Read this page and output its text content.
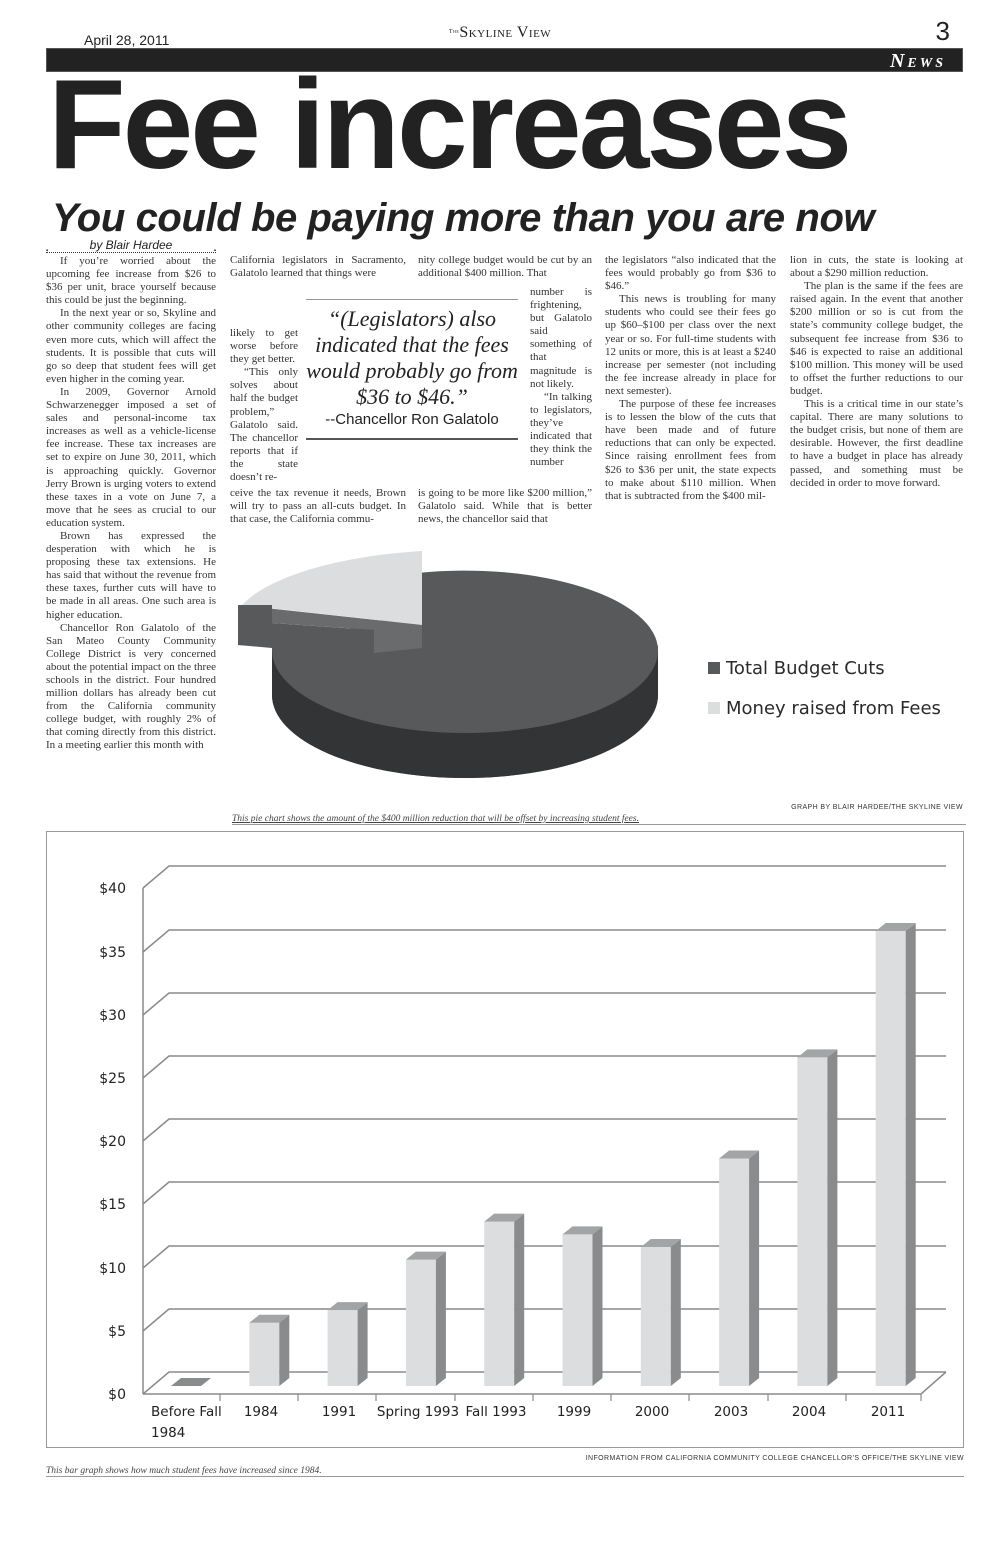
April 28, 2011	$^{The}$Skyline View	3
News
Fee increases
You could be paying more than you are now
▪ by Blair Hardee ▪

If you’re worried about the upcoming fee increase from $26 to $36 per unit, brace yourself because this could be just the beginning.

In the next year or so, Skyline and other community colleges are facing even more cuts, which will affect the students. It is possible that cuts will go so deep that student fees will get even higher in the coming year.

In 2009, Governor Arnold Schwarzenegger imposed a set of sales and personal-income tax increases as well as a vehicle-license fee increase. These tax increases are set to expire on June 30, 2011, which is approaching quickly. Governor Jerry Brown is urging voters to extend these taxes in a vote on June 7, a move that he sees as crucial to our education system.

Brown has expressed the desperation with which he is proposing these tax extensions. He has said that without the revenue from these taxes, further cuts will have to be made in all areas. One such area is higher education.

Chancellor Ron Galatolo of the San Mateo County Community College District is very concerned about the potential impact on the three schools in the district. Four hundred million dollars has already been cut from the California community college budget, with roughly 2% of that coming directly from this district. In a meeting earlier this month with

California legislators in Sacramento, Galatolo learned that things were

likely to get worse before they get better.

“This only solves about half the budget problem,” Galatolo said. The chancellor reports that if the state doesn’t re-

ceive the tax revenue it needs, Brown will try to pass an all-cuts budget. In that case, the California commu-

“(Legislators) also indicated that the fees would probably go from $36 to $46.”
--Chancellor Ron Galatolo

nity college budget would be cut by an additional $400 million. That

number is frightening, but Galatolo said something of that magnitude is not likely.

“In talking to legislators, they’ve indicated that they think the number

is going to be more like $200 million,” Galatolo said. While that is better news, the chancellor said that

the legislators “also indicated that the fees would probably go from $36 to $46.”

This news is troubling for many students who could see their fees go up $60–$100 per class over the next year or so. For full-time students with 12 units or more, this is at least a $240 increase per semester (not including the fee increase already in place for next semester).

The purpose of these fee increases is to lessen the blow of the cuts that have been made and of future reductions that can only be expected. Since raising enrollment fees from $26 to $36 per unit, the state expects to make about $110 million. When that is subtracted from the $400 mil-

lion in cuts, the state is looking at about a $290 million reduction.

The plan is the same if the fees are raised again. In the event that another $200 million or so is cut from the state’s community college budget, the subsequent fee increase from $36 to $46 is expected to raise an additional $100 million. This money will be used to offset the further reductions to our budget.

This is a critical time in our state’s capital. There are many solutions to the budget crisis, but none of them are desirable. However, the first deadline to have a budget in place has already passed, and something must be decided in order to move forward.

Total Budget Cuts
Money raised from Fees
GRAPH BY BLAIR HARDEE/THE SKYLINE VIEW
This pie chart shows the amount of the $400 million reduction that will be offset by increasing student fees.
$0
$5
$10
$15
$20
$25
$30
$35
$40
Before Fall
1984
1984	1991 Spring 1993 Fall 1993 1999	2000	2003	2004	2011
INFORMATION FROM CALIFORNIA COMMUNITY COLLEGE CHANCELLOR’S OFFICE/THE SKYLINE VIEW
This bar graph shows how much student fees have increased since 1984.
